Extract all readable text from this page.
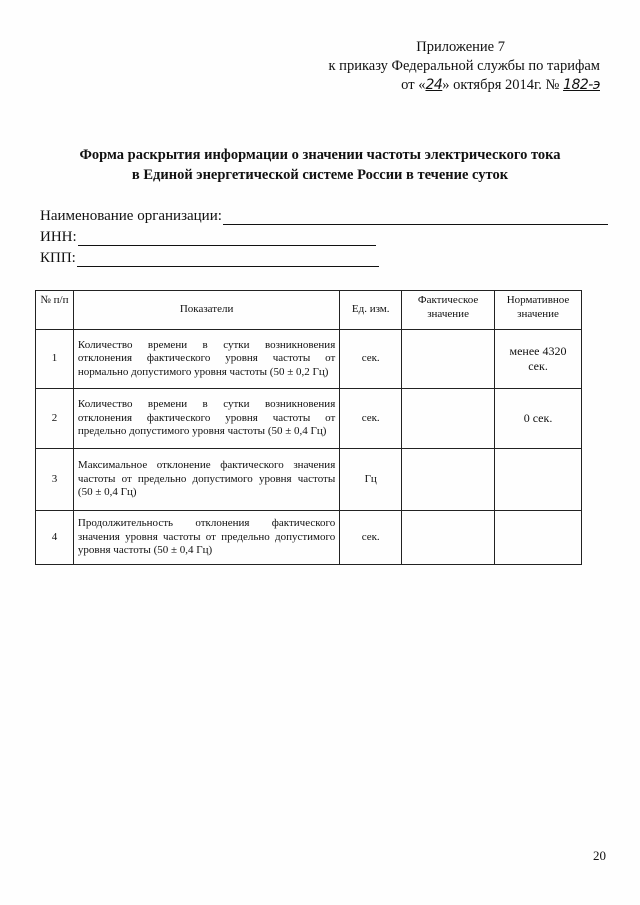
Приложение 7
к приказу Федеральной службы по тарифам
от «24» октября 2014г. № 182-э
Форма раскрытия информации о значении частоты электрического тока
в Единой энергетической системе России в течение суток
Наименование организации:
ИНН:
КПП:
№ п/п	Показатели	Ед. изм.	Фактическое значение	Нормативное значение
1	Количество времени в сутки возникновения отклонения фактического уровня частоты от нормально допустимого уровня частоты (50 ± 0,2 Гц)	сек.		менее 4320 сек.
2	Количество времени в сутки возникновения отклонения фактического уровня частоты от предельно допустимого уровня частоты (50 ± 0,4 Гц)	сек.		0 сек.
3	Максимальное отклонение фактического значения частоты от предельно допустимого уровня частоты (50 ± 0,4 Гц)	Гц		
4	Продолжительность отклонения фактического значения уровня частоты от предельно допустимого уровня частоты (50 ± 0,4 Гц)	сек.		
20
